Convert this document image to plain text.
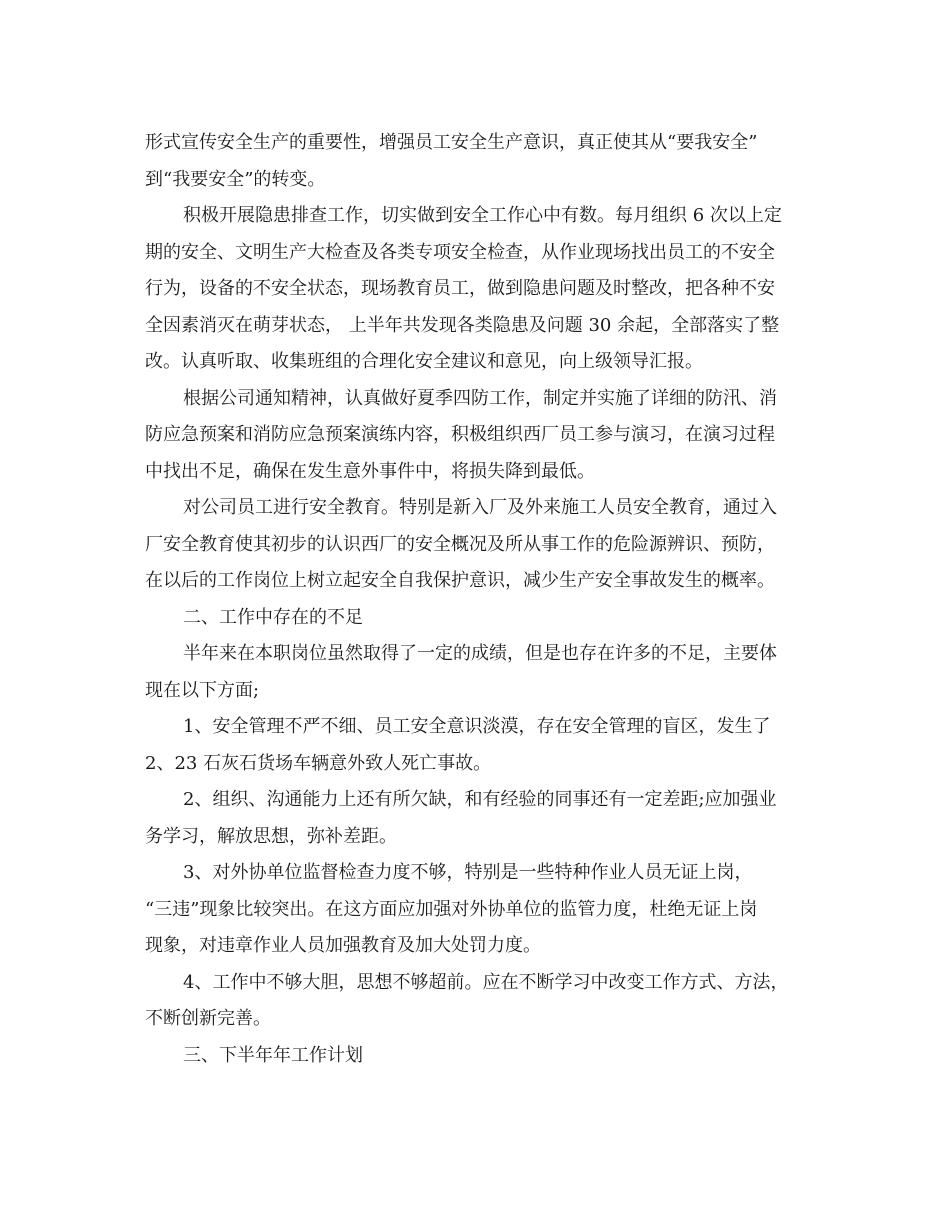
形式宣传安全生产的重要性，增强员工安全生产意识，真正使其从“要我安全”
到“我要安全”的转变。
积极开展隐患排查工作，切实做到安全工作心中有数。每月组织 6 次以上定
期的安全、文明生产大检查及各类专项安全检查，从作业现场找出员工的不安全
行为，设备的不安全状态，现场教育员工，做到隐患问题及时整改，把各种不安
全因素消灭在萌芽状态， 上半年共发现各类隐患及问题 30 余起，全部落实了整
改。认真听取、收集班组的合理化安全建议和意见，向上级领导汇报。
根据公司通知精神，认真做好夏季四防工作，制定并实施了详细的防汛、消
防应急预案和消防应急预案演练内容，积极组织西厂员工参与演习，在演习过程
中找出不足，确保在发生意外事件中，将损失降到最低。
对公司员工进行安全教育。特别是新入厂及外来施工人员安全教育，通过入
厂安全教育使其初步的认识西厂的安全概况及所从事工作的危险源辨识、预防，
在以后的工作岗位上树立起安全自我保护意识，减少生产安全事故发生的概率。
二、工作中存在的不足
半年来在本职岗位虽然取得了一定的成绩，但是也存在许多的不足，主要体
现在以下方面;
1、安全管理不严不细、员工安全意识淡漠，存在安全管理的盲区，发生了
2、23 石灰石货场车辆意外致人死亡事故。
2、组织、沟通能力上还有所欠缺，和有经验的同事还有一定差距;应加强业
务学习，解放思想，弥补差距。
3、对外协单位监督检查力度不够，特别是一些特种作业人员无证上岗，
“三违”现象比较突出。在这方面应加强对外协单位的监管力度，杜绝无证上岗
现象，对违章作业人员加强教育及加大处罚力度。
4、工作中不够大胆，思想不够超前。应在不断学习中改变工作方式、方法，
不断创新完善。
三、下半年年工作计划
